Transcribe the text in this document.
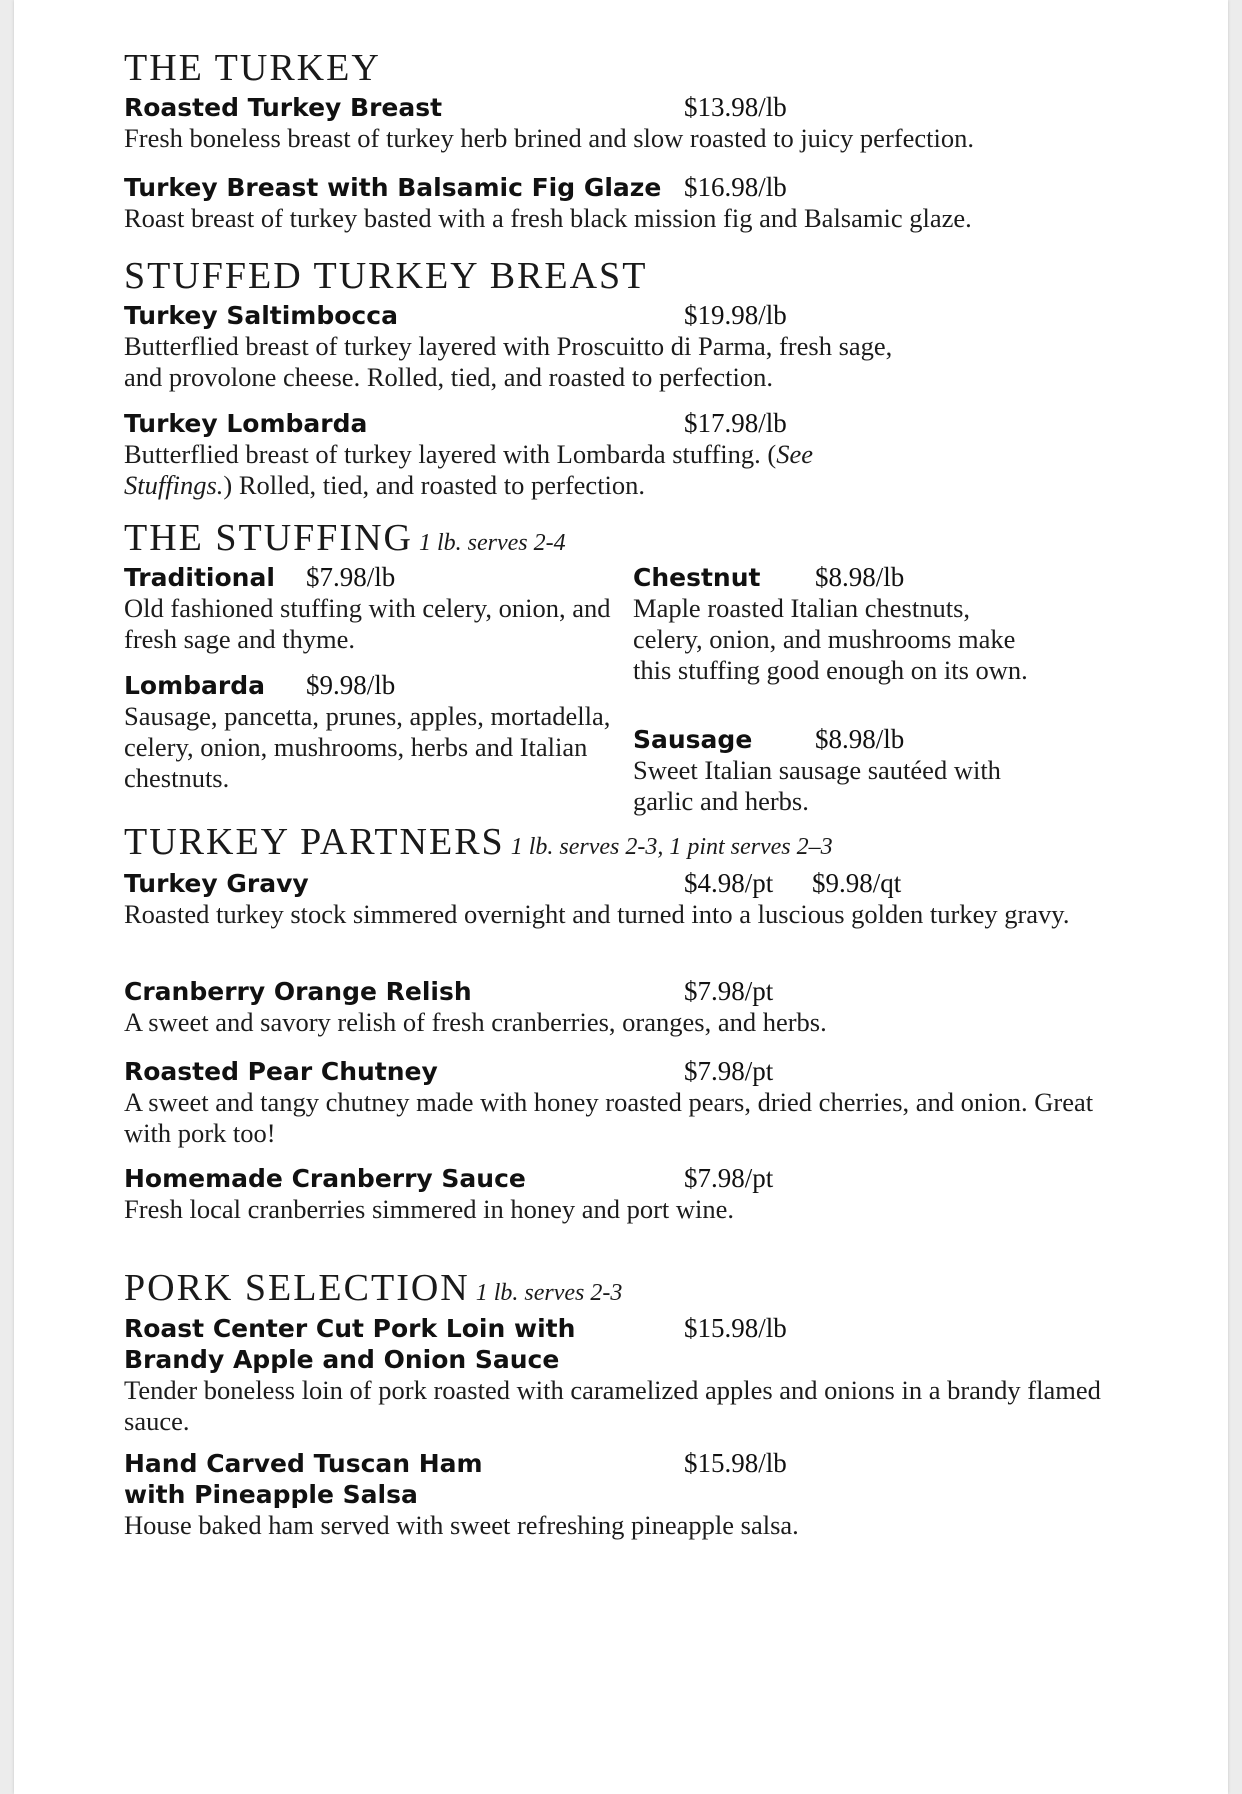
THE TURKEY
Roasted Turkey Breast	$13.98/lb
Fresh boneless breast of turkey herb brined and slow roasted to juicy perfection.
Turkey Breast with Balsamic Fig Glaze $16.98/lb
Roast breast of turkey basted with a fresh black mission fig and Balsamic glaze.
STUFFED TURKEY BREAST
Turkey Saltimbocca	$19.98/lb
Butterflied breast of turkey layered with Proscuitto di Parma, fresh sage, and provolone cheese. Rolled, tied, and roasted to perfection.
Turkey Lombarda	$17.98/lb
Butterflied breast of turkey layered with Lombarda stuffing. (See Stuffings.) Rolled, tied, and roasted to perfection.
THE STUFFING 1 lb. serves 2-4
Traditional	$7.98/lb
Old fashioned stuffing with celery, onion, and fresh sage and thyme.
Lombarda	$9.98/lb
Sausage, pancetta, prunes, apples, mortadella, celery, onion, mushrooms, herbs and Italian chestnuts.
Chestnut	$8.98/lb
Maple roasted Italian chestnuts, celery, onion, and mushrooms make this stuffing good enough on its own.
Sausage	$8.98/lb
Sweet Italian sausage sautéed with garlic and herbs.
TURKEY PARTNERS 1 lb. serves 2-3, 1 pint serves 2–3
Turkey Gravy	$4.98/pt $9.98/qt
Roasted turkey stock simmered overnight and turned into a luscious golden turkey gravy.
Cranberry Orange Relish	$7.98/pt
A sweet and savory relish of fresh cranberries, oranges, and herbs.
Roasted Pear Chutney	$7.98/pt
A sweet and tangy chutney made with honey roasted pears, dried cherries, and onion. Great with pork too!
Homemade Cranberry Sauce	$7.98/pt
Fresh local cranberries simmered in honey and port wine.
PORK SELECTION 1 lb. serves 2-3
Roast Center Cut Pork Loin with
Brandy Apple and Onion Sauce
$15.98/lb
Tender boneless loin of pork roasted with caramelized apples and onions in a brandy flamed sauce.
Hand Carved Tuscan Ham
with Pineapple Salsa
$15.98/lb
House baked ham served with sweet refreshing pineapple salsa.
